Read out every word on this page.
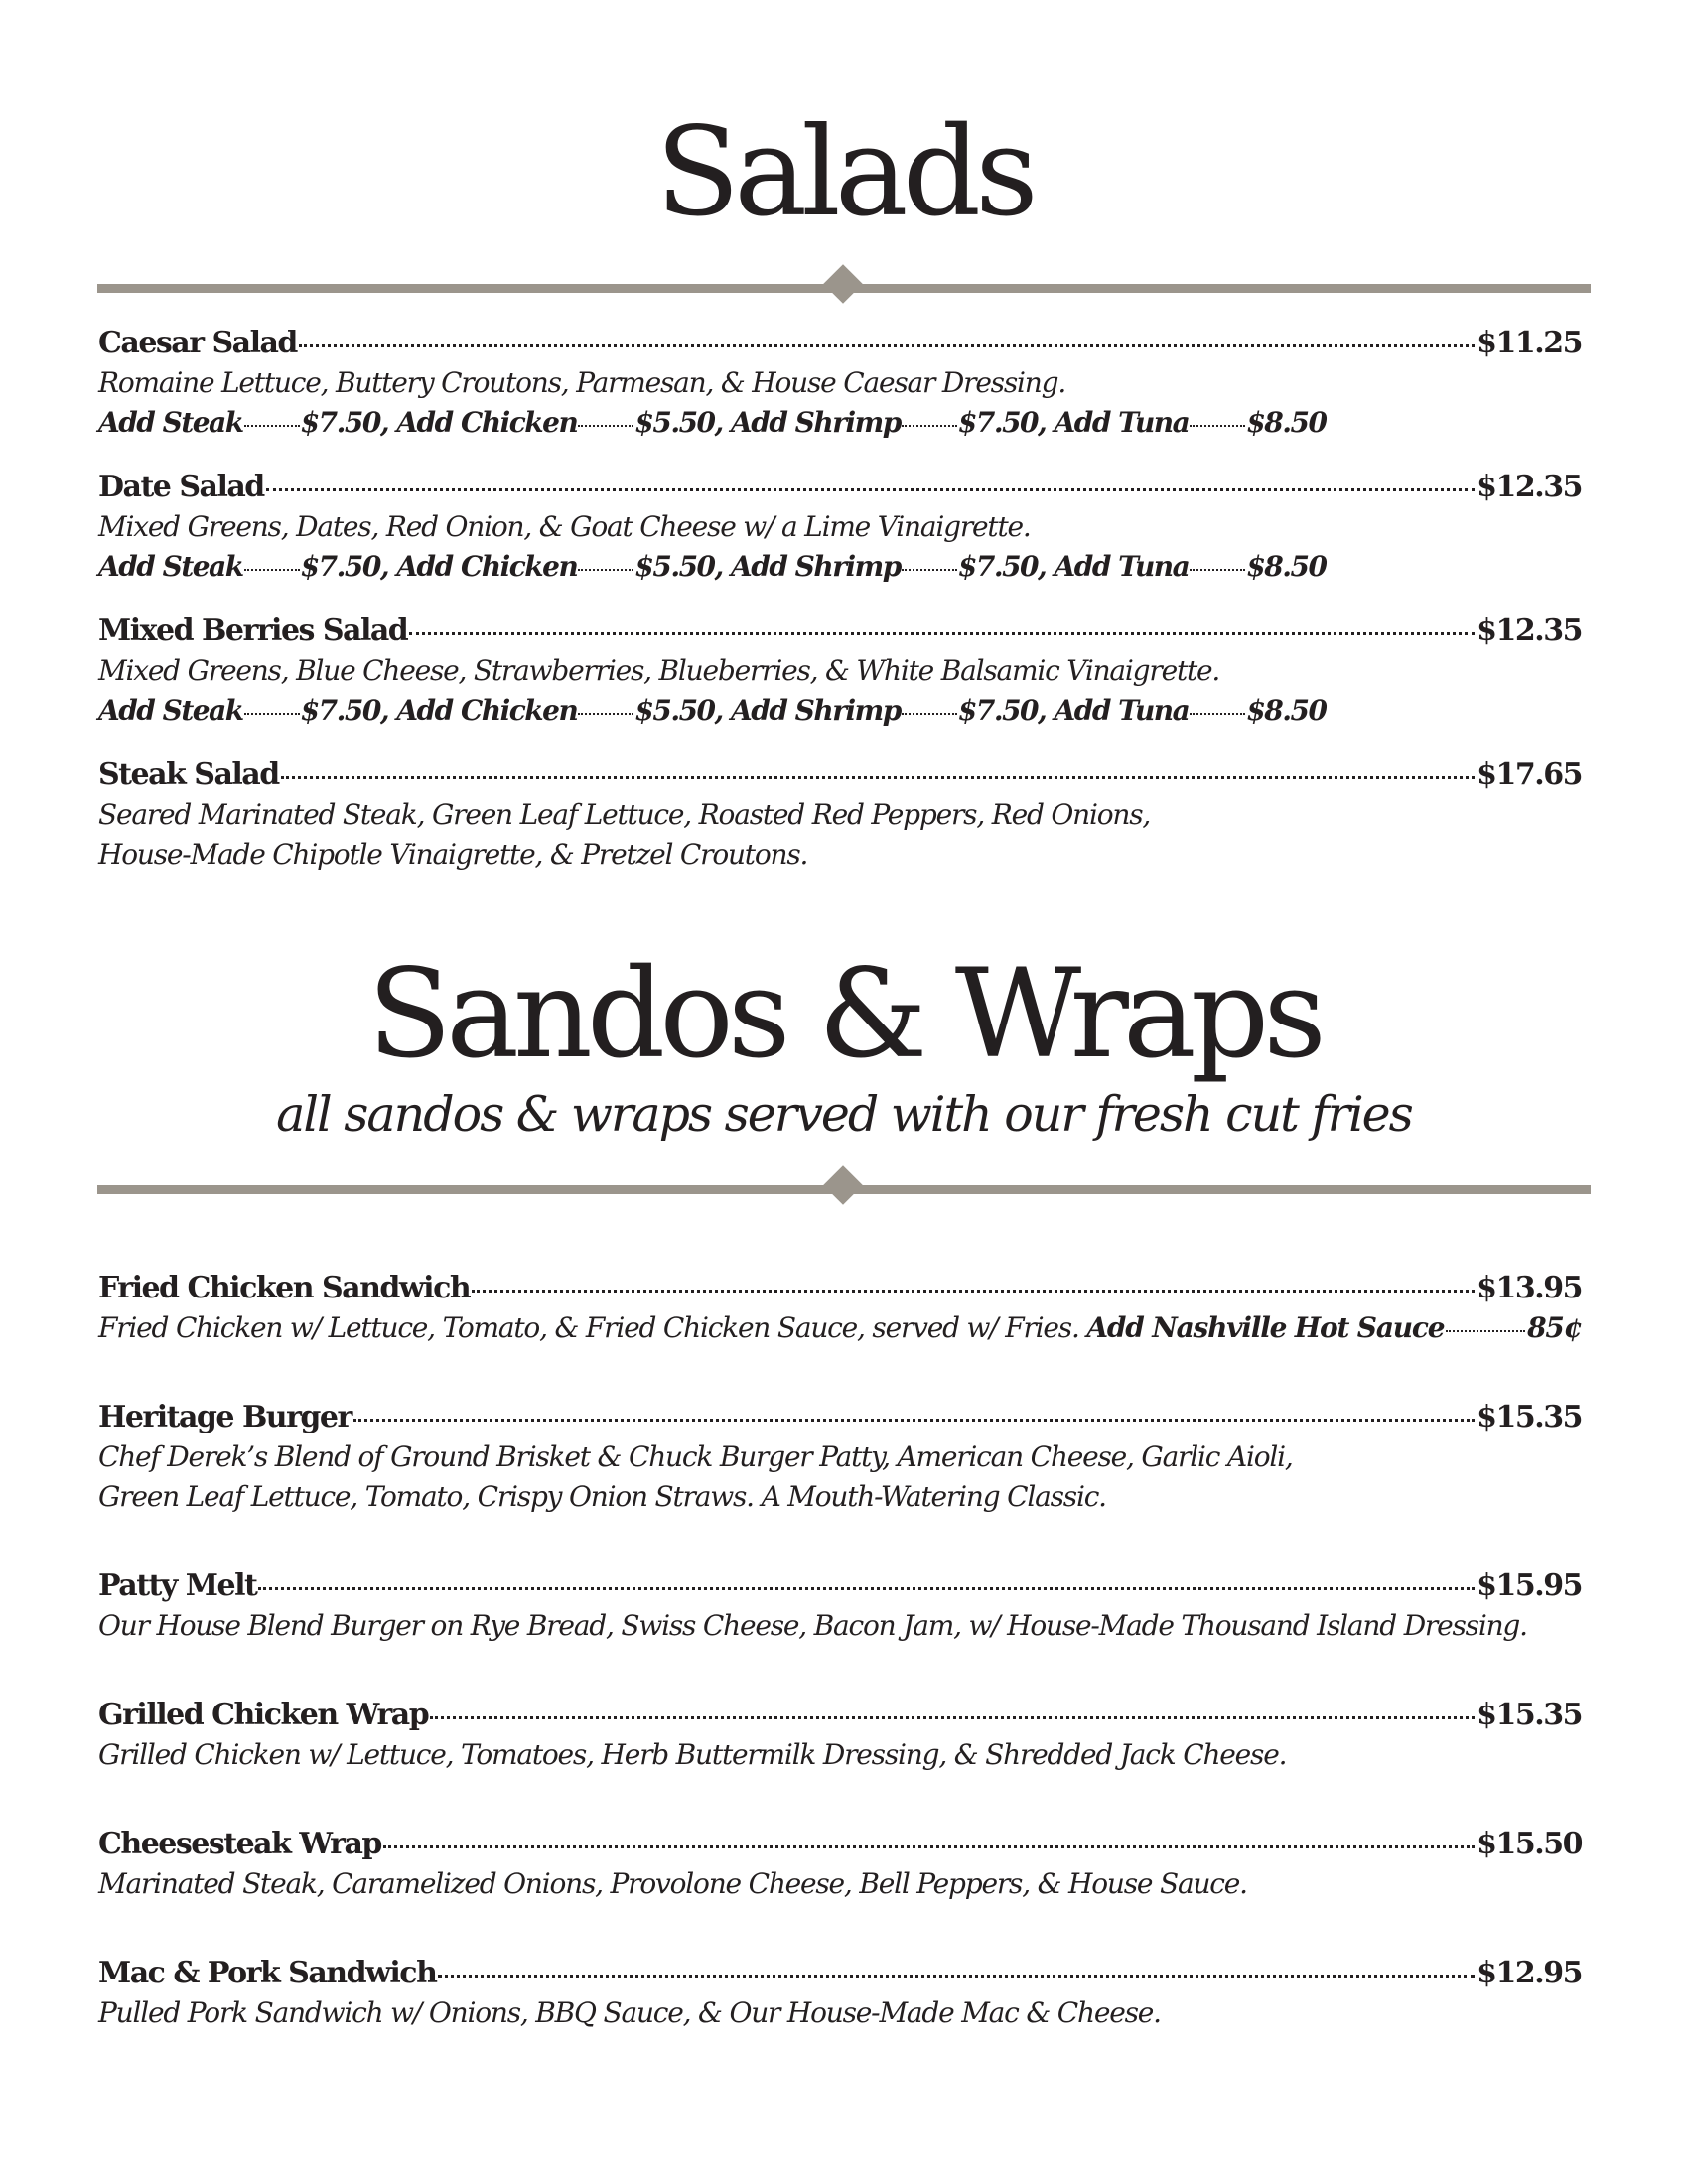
Salads
Caesar Salad	$11.25
Romaine Lettuce, Buttery Croutons, Parmesan, & House Caesar Dressing.
Add Steak $7.50,
Add Chicken $5.50,
Add Shrimp $7.50,
Add Tuna $8.50
Date Salad	$12.35
Mixed Greens, Dates, Red Onion, & Goat Cheese w/ a Lime Vinaigrette.
Add Steak $7.50,
Add Chicken $5.50,
Add Shrimp $7.50,
Add Tuna $8.50
Mixed Berries Salad	$12.35
Mixed Greens, Blue Cheese, Strawberries, Blueberries, & White Balsamic Vinaigrette.
Add Steak $7.50,
Add Chicken $5.50,
Add Shrimp $7.50,
Add Tuna $8.50
Steak Salad	$17.65
Seared Marinated Steak, Green Leaf Lettuce, Roasted Red Peppers, Red Onions,
House-Made Chipotle Vinaigrette, & Pretzel Croutons.
Sandos & Wraps
all sandos & wraps served with our fresh cut fries
Fried Chicken Sandwich	$13.95
Fried Chicken w/ Lettuce, Tomato, & Fried Chicken Sauce, served w/ Fries.
Add Nashville Hot Sauce	85¢
Heritage Burger	$15.35
Chef Derek’s Blend of Ground Brisket & Chuck Burger Patty, American Cheese, Garlic Aioli,
Green Leaf Lettuce, Tomato, Crispy Onion Straws. A Mouth-Watering Classic.
Patty Melt	$15.95
Our House Blend Burger on Rye Bread, Swiss Cheese, Bacon Jam, w/ House-Made Thousand Island Dressing.
Grilled Chicken Wrap	$15.35
Grilled Chicken w/ Lettuce, Tomatoes, Herb Buttermilk Dressing, & Shredded Jack Cheese.
Cheesesteak Wrap	$15.50
Marinated Steak, Caramelized Onions, Provolone Cheese, Bell Peppers, & House Sauce.
Mac & Pork Sandwich	$12.95
Pulled Pork Sandwich w/ Onions, BBQ Sauce, & Our House-Made Mac & Cheese.
